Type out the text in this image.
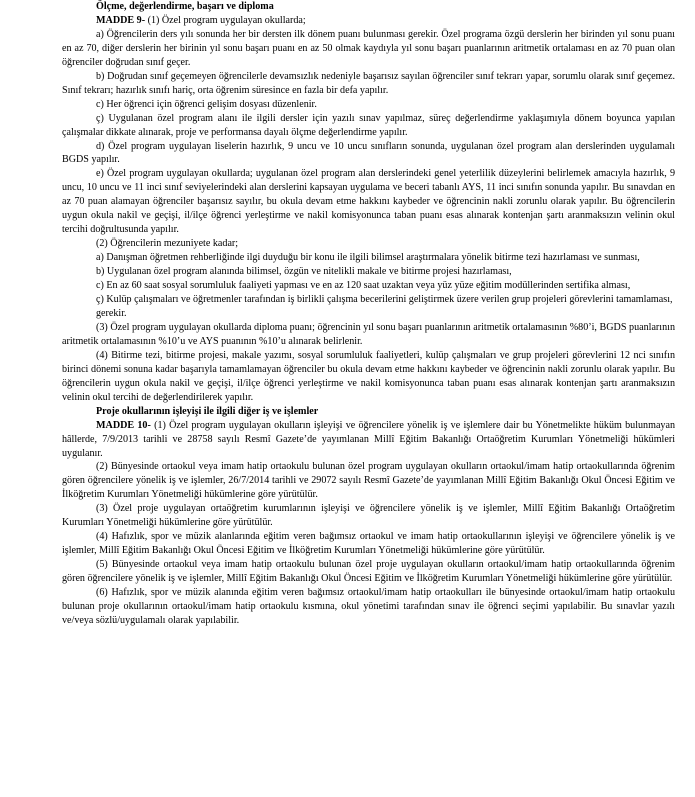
Ölçme, değerlendirme, başarı ve diploma

MADDE 9- (1) Özel program uygulayan okullarda;

a) Öğrencilerin ders yılı sonunda her bir dersten ilk dönem puanı bulunması gerekir. Özel programa özgü derslerin her birinden yıl sonu puanı en az 70, diğer derslerin her birinin yıl sonu başarı puanı en az 50 olmak kaydıyla yıl sonu başarı puanlarının aritmetik ortalaması en az 70 puan olan öğrenciler doğrudan sınıf geçer.

b) Doğrudan sınıf geçemeyen öğrencilerle devamsızlık nedeniyle başarısız sayılan öğrenciler sınıf tekrarı yapar, sorumlu olarak sınıf geçemez. Sınıf tekrarı; hazırlık sınıfı hariç, orta öğrenim süresince en fazla bir defa yapılır.

c) Her öğrenci için öğrenci gelişim dosyası düzenlenir.

ç) Uygulanan özel program alanı ile ilgili dersler için yazılı sınav yapılmaz, süreç değerlendirme yaklaşımıyla dönem boyunca yapılan çalışmalar dikkate alınarak, proje ve performansa dayalı ölçme değerlendirme yapılır.

d) Özel program uygulayan liselerin hazırlık, 9 uncu ve 10 uncu sınıfların sonunda, uygulanan özel program alan derslerinden uygulamalı BGDS yapılır.

e) Özel program uygulayan okullarda; uygulanan özel program alan derslerindeki genel yeterlilik düzeylerini belirlemek amacıyla hazırlık, 9 uncu, 10 uncu ve 11 inci sınıf seviyelerindeki alan derslerini kapsayan uygulama ve beceri tabanlı AYS, 11 inci sınıfın sonunda yapılır. Bu sınavdan en az 70 puan alamayan öğrenciler başarısız sayılır, bu okula devam etme hakkını kaybeder ve öğrencinin nakli zorunlu olarak yapılır. Bu öğrencilerin uygun okula nakil ve geçişi, il/ilçe öğrenci yerleştirme ve nakil komisyonunca taban puanı esas alınarak kontenjan şartı aranmaksızın velinin okul tercihi doğrultusunda yapılır.

(2) Öğrencilerin mezuniyete kadar;

a) Danışman öğretmen rehberliğinde ilgi duyduğu bir konu ile ilgili bilimsel araştırmalara yönelik bitirme tezi hazırlaması ve sunması,

b) Uygulanan özel program alanında bilimsel, özgün ve nitelikli makale ve bitirme projesi hazırlaması,

c) En az 60 saat sosyal sorumluluk faaliyeti yapması ve en az 120 saat uzaktan veya yüz yüze eğitim modüllerinden sertifika alması,

ç) Kulüp çalışmaları ve öğretmenler tarafından iş birlikli çalışma becerilerini geliştirmek üzere verilen grup projeleri görevlerini tamamlaması,

gerekir.

(3) Özel program uygulayan okullarda diploma puanı; öğrencinin yıl sonu başarı puanlarının aritmetik ortalamasının %80’i, BGDS puanlarının aritmetik ortalamasının %10’u ve AYS puanının %10’u alınarak belirlenir.

(4) Bitirme tezi, bitirme projesi, makale yazımı, sosyal sorumluluk faaliyetleri, kulüp çalışmaları ve grup projeleri görevlerini 12 nci sınıfın birinci dönemi sonuna kadar başarıyla tamamlamayan öğrenciler bu okula devam etme hakkını kaybeder ve öğrencinin nakli zorunlu olarak yapılır. Bu öğrencilerin uygun okula nakil ve geçişi, il/ilçe öğrenci yerleştirme ve nakil komisyonunca taban puanı esas alınarak kontenjan şartı aranmaksızın velinin okul tercihi de değerlendirilerek yapılır.

Proje okullarının işleyişi ile ilgili diğer iş ve işlemler

MADDE 10- (1) Özel program uygulayan okulların işleyişi ve öğrencilere yönelik iş ve işlemlere dair bu Yönetmelikte hüküm bulunmayan hâllerde, 7/9/2013 tarihli ve 28758 sayılı Resmî Gazete’de yayımlanan Millî Eğitim Bakanlığı Ortaöğretim Kurumları Yönetmeliği hükümleri uygulanır.

(2) Bünyesinde ortaokul veya imam hatip ortaokulu bulunan özel program uygulayan okulların ortaokul/imam hatip ortaokullarında öğrenim gören öğrencilere yönelik iş ve işlemler, 26/7/2014 tarihli ve 29072 sayılı Resmî Gazete’de yayımlanan Millî Eğitim Bakanlığı Okul Öncesi Eğitim ve İlköğretim Kurumları Yönetmeliği hükümlerine göre yürütülür.

(3) Özel proje uygulayan ortaöğretim kurumlarının işleyişi ve öğrencilere yönelik iş ve işlemler, Millî Eğitim Bakanlığı Ortaöğretim Kurumları Yönetmeliği hükümlerine göre yürütülür.

(4) Hafızlık, spor ve müzik alanlarında eğitim veren bağımsız ortaokul ve imam hatip ortaokullarının işleyişi ve öğrencilere yönelik iş ve işlemler, Millî Eğitim Bakanlığı Okul Öncesi Eğitim ve İlköğretim Kurumları Yönetmeliği hükümlerine göre yürütülür.

(5) Bünyesinde ortaokul veya imam hatip ortaokulu bulunan özel proje uygulayan okulların ortaokul/imam hatip ortaokullarında öğrenim gören öğrencilere yönelik iş ve işlemler, Millî Eğitim Bakanlığı Okul Öncesi Eğitim ve İlköğretim Kurumları Yönetmeliği hükümlerine göre yürütülür.

(6) Hafızlık, spor ve müzik alanında eğitim veren bağımsız ortaokul/imam hatip ortaokulları ile bünyesinde ortaokul/imam hatip ortaokulu bulunan proje okullarının ortaokul/imam hatip ortaokulu kısmına, okul yönetimi tarafından sınav ile öğrenci seçimi yapılabilir. Bu sınavlar yazılı ve/veya sözlü/uygulamalı olarak yapılabilir.
